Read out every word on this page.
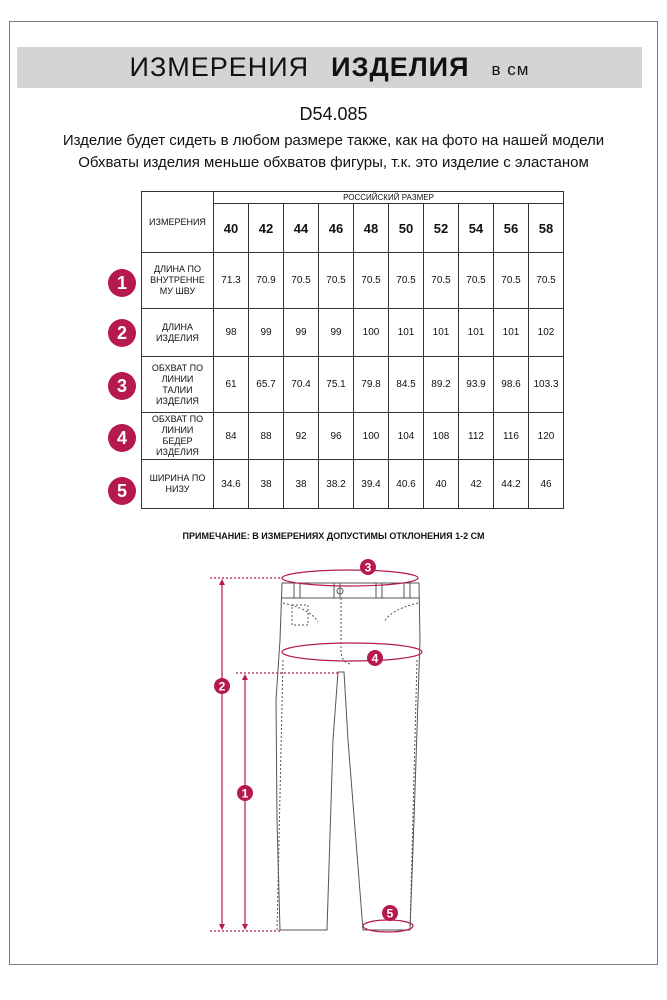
ИЗМЕРЕНИЯ ИЗДЕЛИЯ в см
D54.085
Изделие будет сидеть в любом размере также, как на фото на нашей модели
Обхваты изделия меньше обхватов фигуры, т.к. это изделие с эластаном
ИЗМЕРЕНИЯ	РОССИЙСКИЙ РАЗМЕР									
	40	42	44	46	48	50	52	54	56	58

ДЛИНА ПО
ВНУТРЕННЕ
МУ ШВУ	71.3	70.9	70.5	70.5	70.5	70.5	70.5	70.5	70.5	70.5

ДЛИНА
ИЗДЕЛИЯ	98	99	99	99	100	101	101	101	101	102

ОБХВАТ ПО
ЛИНИИ
ТАЛИИ
ИЗДЕЛИЯ	61	65.7	70.4	75.1	79.8	84.5	89.2	93.9	98.6	103.3

ОБХВАТ ПО
ЛИНИИ
БЕДЕР
ИЗДЕЛИЯ	84	88	92	96	100	104	108	112	116	120

ШИРИНА ПО
НИЗУ	34.6	38	38	38.2	39.4	40.6	40	42	44.2	46
1
2
3
4
5
ПРИМЕЧАНИЕ: В ИЗМЕРЕНИЯХ ДОПУСТИМЫ ОТКЛОНЕНИЯ 1-2 СМ
3
4
2
1
5
